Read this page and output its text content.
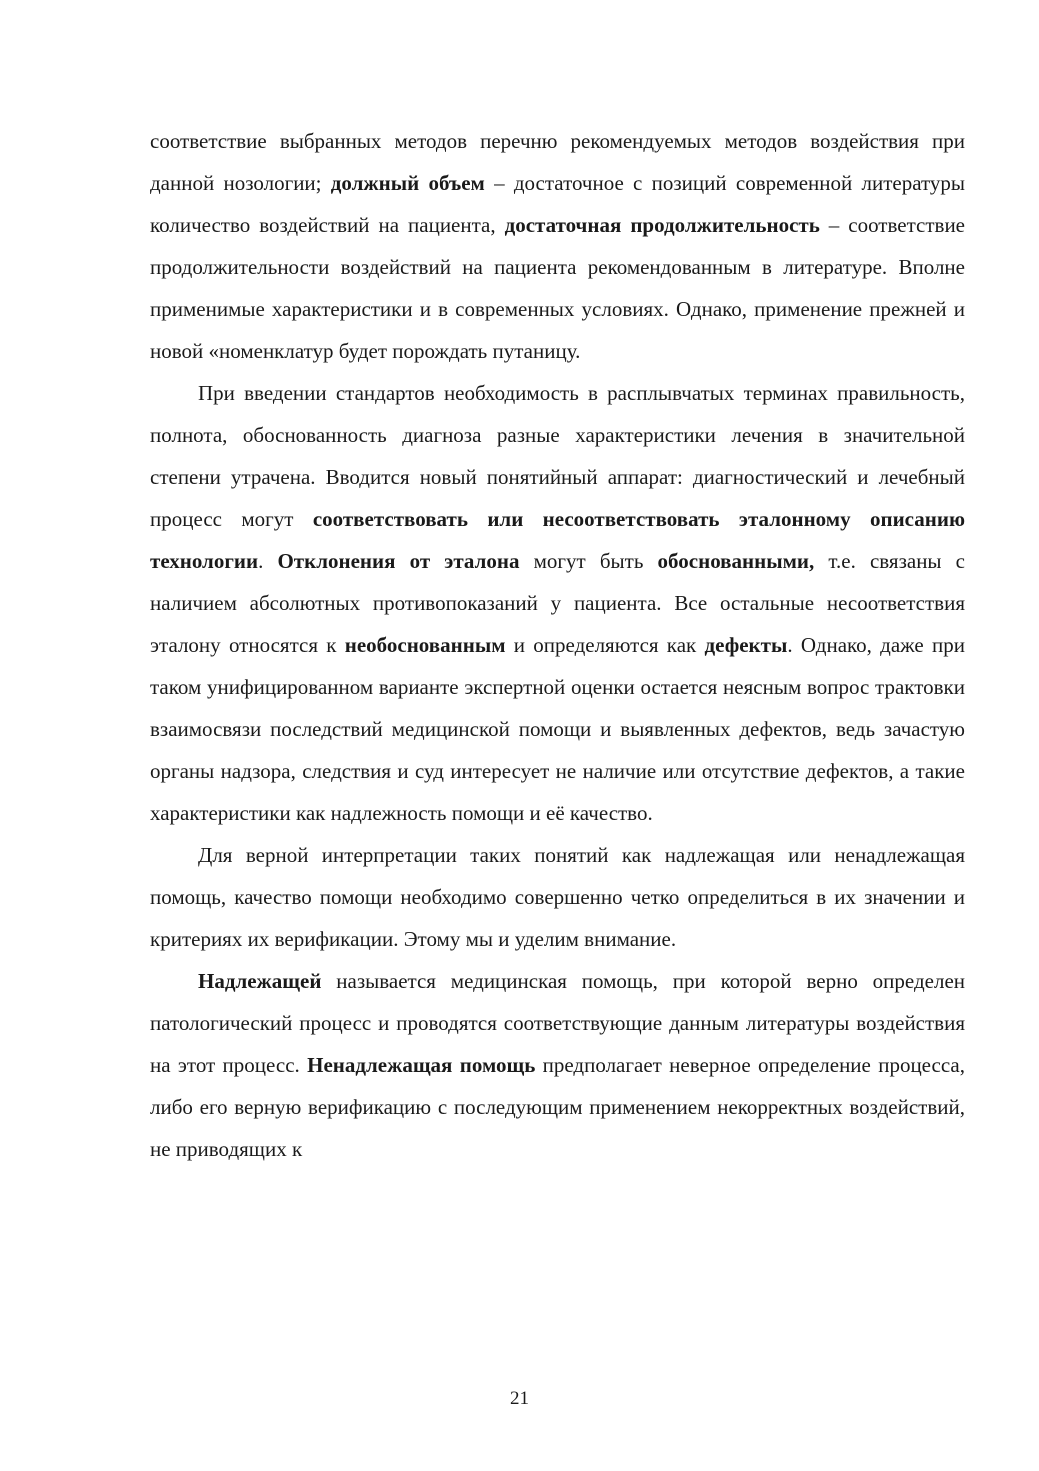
соответствие выбранных методов перечню рекомендуемых методов воздействия при данной нозологии; должный объем – достаточное с позиций современной литературы количество воздействий на пациента, достаточная продолжительность – соответствие продолжительности воздействий на пациента рекомендованным в литературе. Вполне применимые характеристики и в современных условиях. Однако, применение прежней и новой «номенклатур будет порождать путаницу.

При введении стандартов необходимость в расплывчатых терминах правильность, полнота, обоснованность диагноза разные характеристики лечения в значительной степени утрачена. Вводится новый понятийный аппарат: диагностический и лечебный процесс могут соответствовать или несоответствовать эталонному описанию технологии. Отклонения от эталона могут быть обоснованными, т.е. связаны с наличием абсолютных противопоказаний у пациента. Все остальные несоответствия эталону относятся к необоснованным и определяются как дефекты. Однако, даже при таком унифицированном варианте экспертной оценки остается неясным вопрос трактовки взаимосвязи последствий медицинской помощи и выявленных дефектов, ведь зачастую органы надзора, следствия и суд интересует не наличие или отсутствие дефектов, а такие характеристики как надлежность помощи и её качество.

Для верной интерпретации таких понятий как надлежащая или ненадлежащая помощь, качество помощи необходимо совершенно четко определиться в их значении и критериях их верификации. Этому мы и уделим внимание.

Надлежащей называется медицинская помощь, при которой верно определен патологический процесс и проводятся соответствующие данным литературы воздействия на этот процесс. Ненадлежащая помощь предполагает неверное определение процесса, либо его верную верификацию с последующим применением некорректных воздействий, не приводящих к

21
